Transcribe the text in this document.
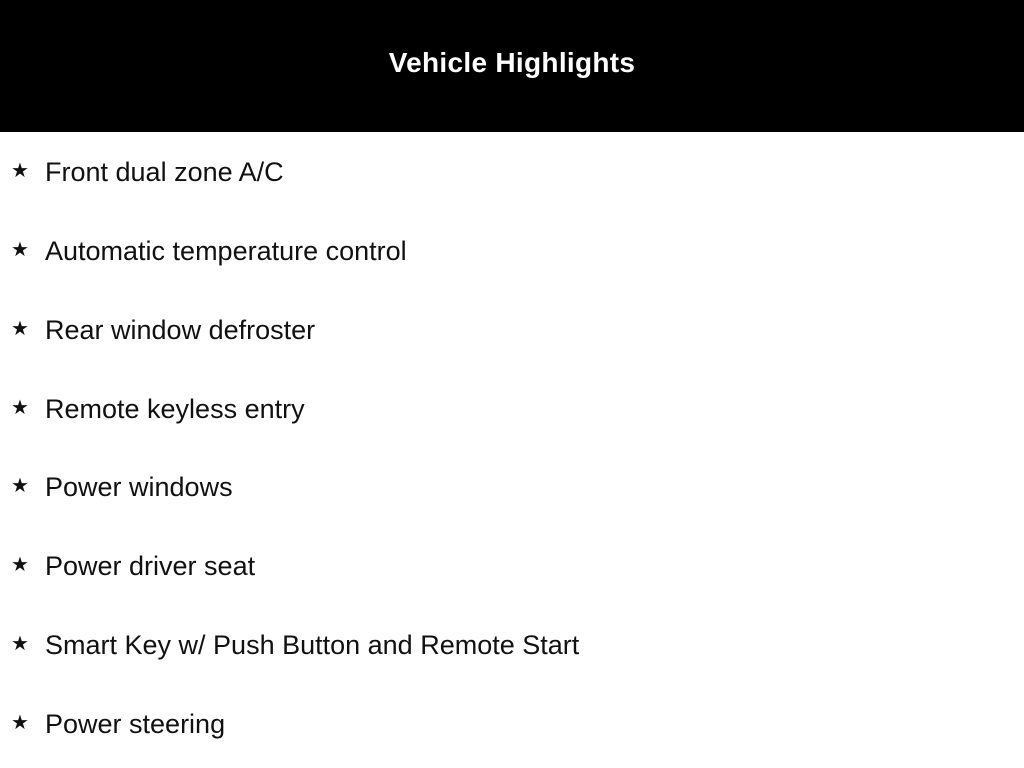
Vehicle Highlights
★ Front dual zone A/C
★ Automatic temperature control
★ Rear window defroster
★ Remote keyless entry
★ Power windows
★ Power driver seat
★ Smart Key w/ Push Button and Remote Start
★ Power steering
